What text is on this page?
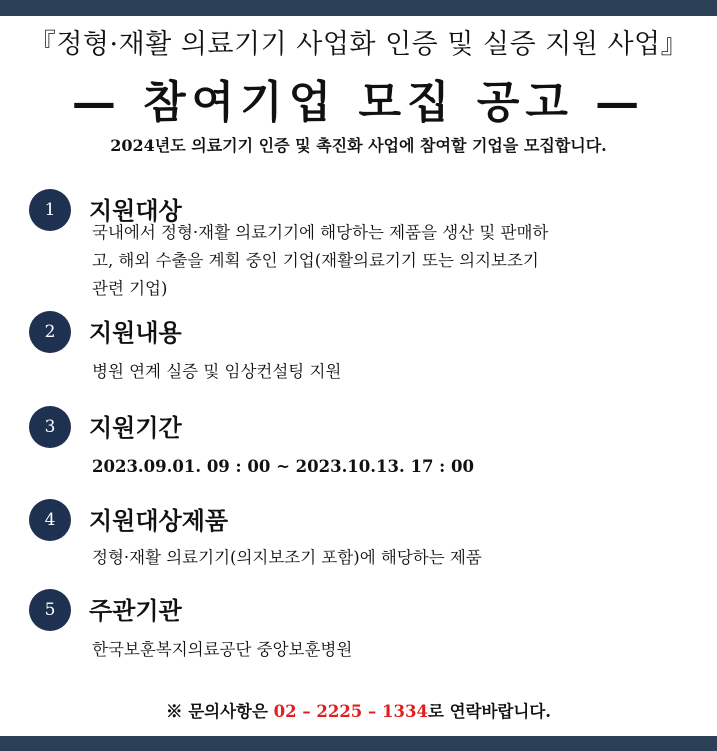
『정형·재활 의료기기 사업화 인증 및 실증 지원 사업』
— 참여기업 모집 공고 —
2024년도 의료기기 인증 및 촉진화 사업에 참여할 기업을 모집합니다.
1	지원대상
국내에서 정형·재활 의료기기에 해당하는 제품을 생산 및 판매하
고, 해외 수출을 계획 중인 기업(재활의료기기 또는 의지보조기
관련 기업)
2	지원내용
병원 연계 실증 및 임상컨설팅 지원
3	지원기간
2023.09.01. 09 : 00 ~ 2023.10.13. 17 : 00
4	지원대상제품
정형·재활 의료기기(의지보조기 포함)에 해당하는 제품
5	주관기관
한국보훈복지의료공단 중앙보훈병원
※ 문의사항은 02 – 2225 – 1334로 연락바랍니다.
